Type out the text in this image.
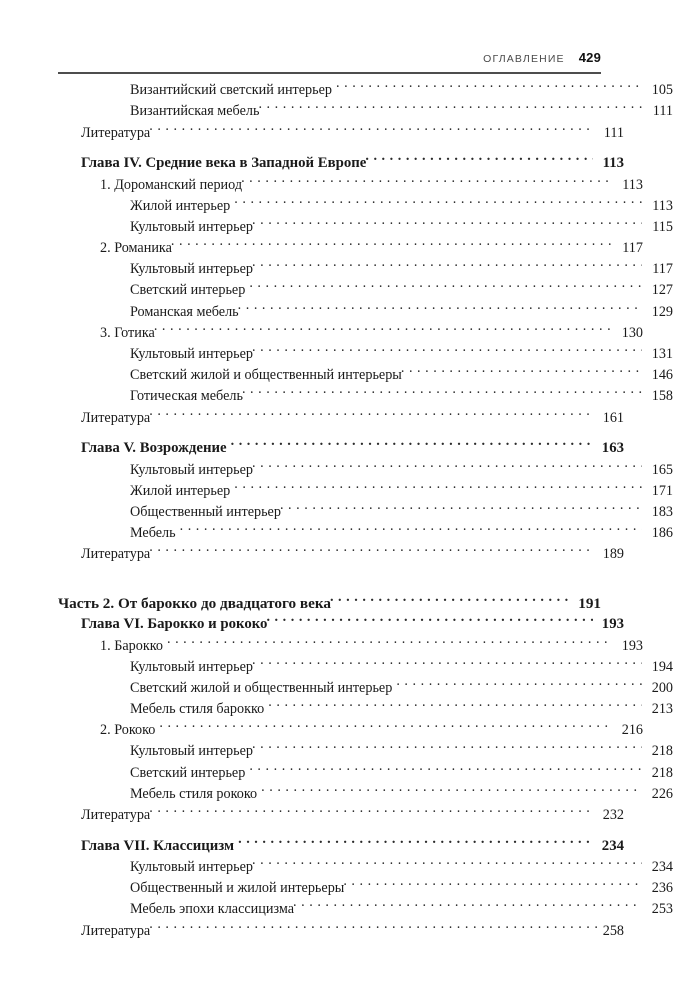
ОГЛАВЛЕНИЕ 429
Византийский светский интерьер . . .	105
Византийская мебель . . .	111
Литература . . .	111
Глава IV. Средние века в Западной Европе . . .	113
1. Дороманский период . . .	113
Жилой интерьер . . .	113
Культовый интерьер . . .	115
2. Романика . . .	117
Культовый интерьер . . .	117
Светский интерьер . . .	127
Романская мебель . . .	129
3. Готика . . .	130
Культовый интерьер . . .	131
Светский жилой и общественный интерьеры . . .	146
Готическая мебель . . .	158
Литература . . .	161
Глава V. Возрождение . . .	163
Культовый интерьер . . .	165
Жилой интерьер . . .	171
Общественный интерьер . . .	183
Мебель . . .	186
Литература . . .	189
Часть 2. От барокко до двадцатого века . . .	191
Глава VI. Барокко и рококо . . .	193
1. Барокко . . .	193
Культовый интерьер . . .	194
Светский жилой и общественный интерьер . . .	200
Мебель стиля барокко . . .	213
2. Рококо . . .	216
Культовый интерьер . . .	218
Светский интерьер . . .	218
Мебель стиля рококо . . .	226
Литература . . .	232
Глава VII. Классицизм . . .	234
Культовый интерьер . . .	234
Общественный и жилой интерьеры . . .	236
Мебель эпохи классицизма . . .	253
Литература . . .	258
